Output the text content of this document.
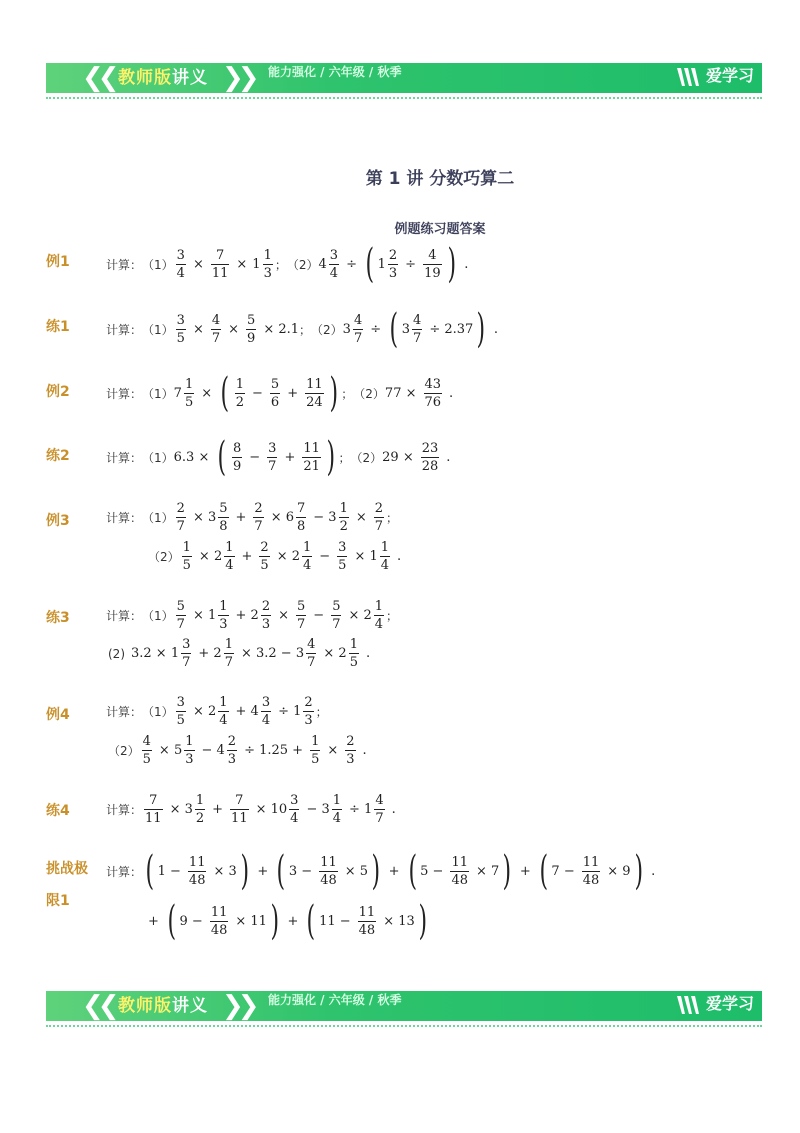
❮❮ 教师版讲义 ❯❯ 能力强化 / 六年级 / 秋季	爱学习
第 1 讲 分数巧算二
例题练习题答案
例1	计算： $(1) \frac{3}{4} \times \frac{7}{11} \times 1 \frac{1}{3}$ ； （2） $4 \frac{3}{4}$ ÷ ( $1 \frac{2}{3} \div \frac{4}{19}$ ) .
练1	计算： $(1) \frac{3}{5} \times \frac{4}{7} \times \frac{5}{9} \times 2.1$ ； （2） $3 \frac{4}{7}$ ÷ ( $3 \frac{4}{7} \div 2.37$ ) .
例2	计算： （1） $7 \frac{1}{5}$ × ( $\frac{1}{2} - \frac{5}{6} + \frac{11}{24}$ ) ； （2） $77 \times \frac{43}{76}$ .
练2	计算： （1） 6.3 × ( $\frac{8}{9} - \frac{3}{7} + \frac{11}{21}$ ) ； （2） $29 \times \frac{23}{28}$ .
例3	计算： $(1) \frac{2}{7} \times 3 \frac{5}{8} + \frac{2}{7} \times 6 \frac{7}{8} - 3 \frac{1}{2} \times \frac{2}{7}$ ；
$(2) \frac{1}{5} \times 2 \frac{1}{4} + \frac{2}{5} \times 2 \frac{1}{4} - \frac{3}{5} \times 1 \frac{1}{4}$ .
练3	计算： $(1) \frac{5}{7} \times 1 \frac{1}{3} + 2 \frac{2}{3} \times \frac{5}{7} - \frac{5}{7} \times 2 \frac{1}{4}$ ；
(2) $3.2 \times 1 \frac{3}{7} + 2 \frac{1}{7} \times 3.2 - 3 \frac{4}{7} \times 2 \frac{1}{5}$ .
例4	计算： $(1) \frac{3}{5} \times 2 \frac{1}{4} + 4 \frac{3}{4} \div 1 \frac{2}{3}$ ；
$(2) \frac{4}{5} \times 5 \frac{1}{3} - 4 \frac{2}{3} \div 1.25 + \frac{1}{5} \times \frac{2}{3}$ .
练4	计算： $\frac{7}{11} \times 3 \frac{1}{2} + \frac{7}{11} \times 10 \frac{3}{4} - 3 \frac{1}{4} \div 1 \frac{4}{7}$ .
挑战极
限1
计算： ( $1 - \frac{11}{48} \times 3$ ) + ( $3 - \frac{11}{48} \times 5$ ) + ( $5 - \frac{11}{48} \times 7$ ) + ( $7 - \frac{11}{48} \times 9$ ) .
+ ( $9 - \frac{11}{48} \times 11$ ) + ( $11 - \frac{11}{48} \times 13$ )
❮❮ 教师版讲义 ❯❯ 能力强化 / 六年级 / 秋季	爱学习
